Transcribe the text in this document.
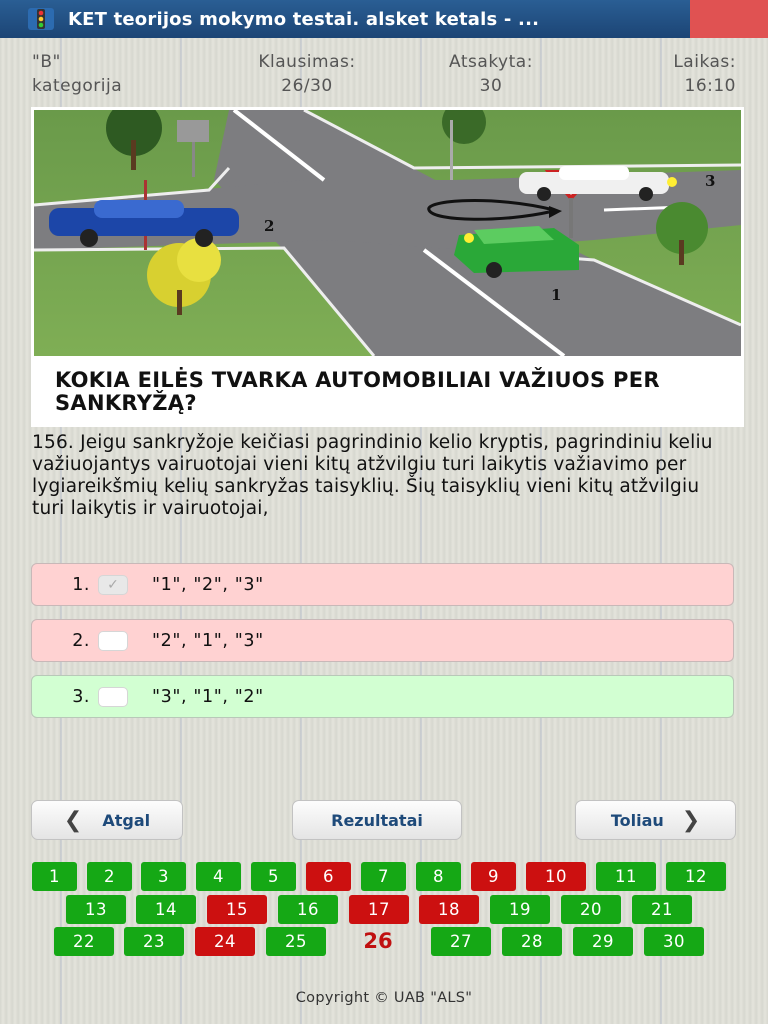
KET teorijos mokymo testai. alsket ketals - ...
"B"
kategorija
Klausimas:
26/30
Atsakyta:
30
Laikas:
16:10
1
2
3
KOKIA EILĖS TVARKA AUTOMOBILIAI VAŽIUOS PER SANKRYŽĄ?
156. Jeigu sankryžoje keičiasi pagrindinio kelio kryptis, pagrindiniu keliu važiuojantys vairuotojai vieni kitų atžvilgiu turi laikytis važiavimo per lygiareikšmių kelių sankryžas taisyklių. Šių taisyklių vieni kitų atžvilgiu turi laikytis ir vairuotojai,
1. ✓ "1", "2", "3"
2.	"2", "1", "3"
3.	"3", "1", "2"
❮ Atgal	Rezultatai	Toliau ❯
1	2	3	4	5	6	7	8	9	10	11	12
13	14	15	16	17	18	19	20	21
22	23	24	25	27	28	29	30
26
Copyright © UAB "ALS"
